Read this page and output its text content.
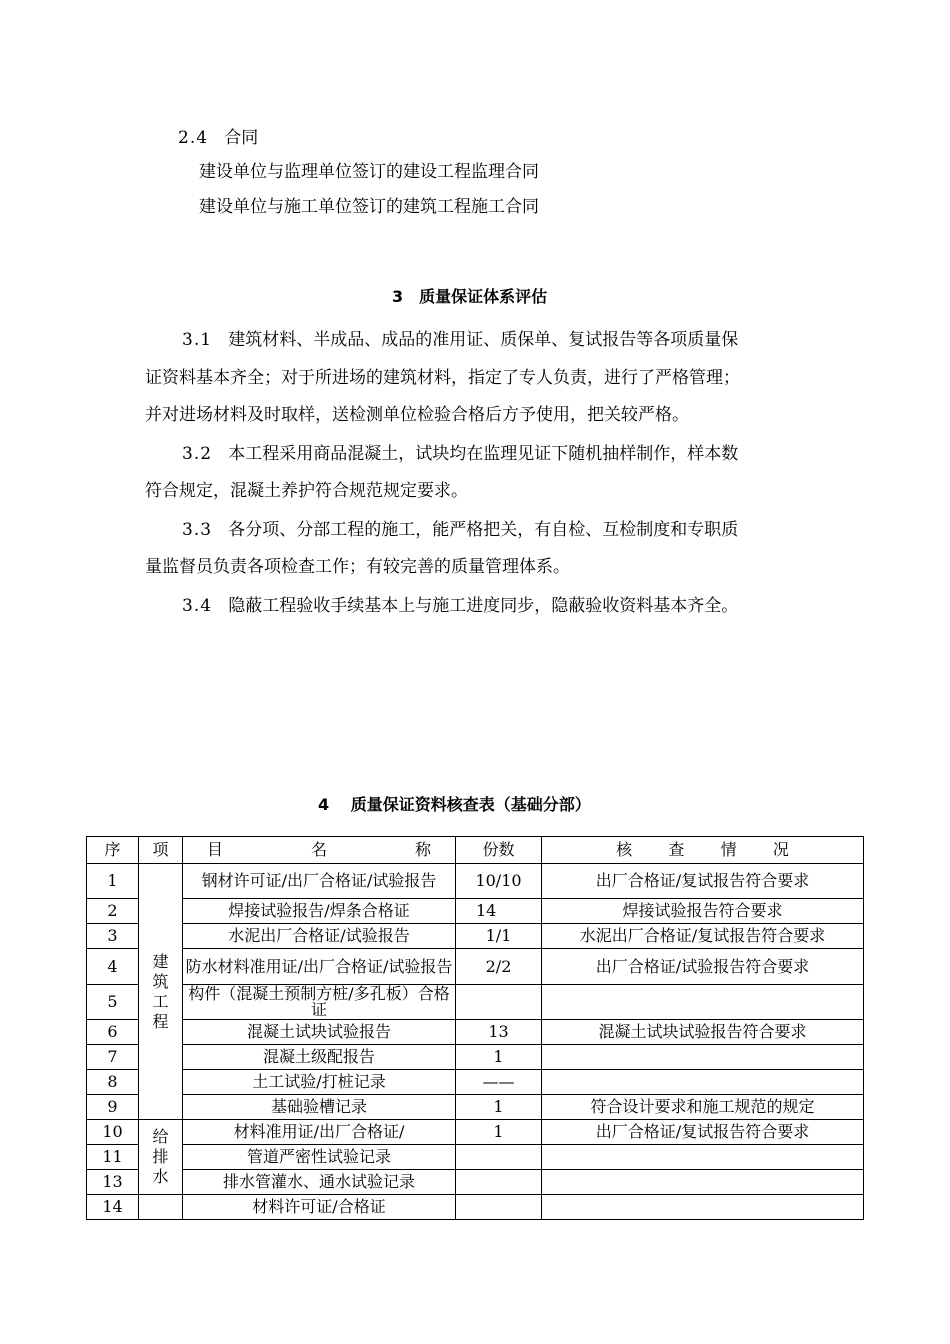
2.4 合同
建设单位与监理单位签订的建设工程监理合同
建设单位与施工单位签订的建筑工程施工合同
3　质量保证体系评估
3.1 建筑材料、半成品、成品的准用证、质保单、复试报告等各项质量保
证资料基本齐全；对于所进场的建筑材料，指定了专人负责，进行了严格管理；
并对进场材料及时取样，送检测单位检验合格后方予使用，把关较严格。
3.2 本工程采用商品混凝土，试块均在监理见证下随机抽样制作，样本数
符合规定，混凝土养护符合规范规定要求。
3.3 各分项、分部工程的施工，能严格把关，有自检、互检制度和专职质
量监督员负责各项检查工作；有较完善的质量管理体系。
3.4 隐蔽工程验收手续基本上与施工进度同步，隐蔽验收资料基本齐全。
4　 质量保证资料核查表（基础分部）
序	项	目 名 称	份数	核 查 情 况

1	建筑工程	钢材许可证/出厂合格证/试验报告	10/10	出厂合格证/复试报告符合要求
2		焊接试验报告/焊条合格证	14	焊接试验报告符合要求
3		水泥出厂合格证/试验报告	1/1	水泥出厂合格证/复试报告符合要求
4		防水材料准用证/出厂合格证/试验报告	2/2	出厂合格证/试验报告符合要求
5		构件（混凝土预制方桩/多孔板）合格证		
6		混凝土试块试验报告	13	混凝土试块试验报告符合要求
7		混凝土级配报告	1	
8		土工试验/打桩记录	——	
9		基础验槽记录	1	符合设计要求和施工规范的规定
10	给排水	材料准用证/出厂合格证/	1	出厂合格证/复试报告符合要求
11		管道严密性试验记录		
13		排水管灌水、通水试验记录		
14		材料许可证/合格证		
